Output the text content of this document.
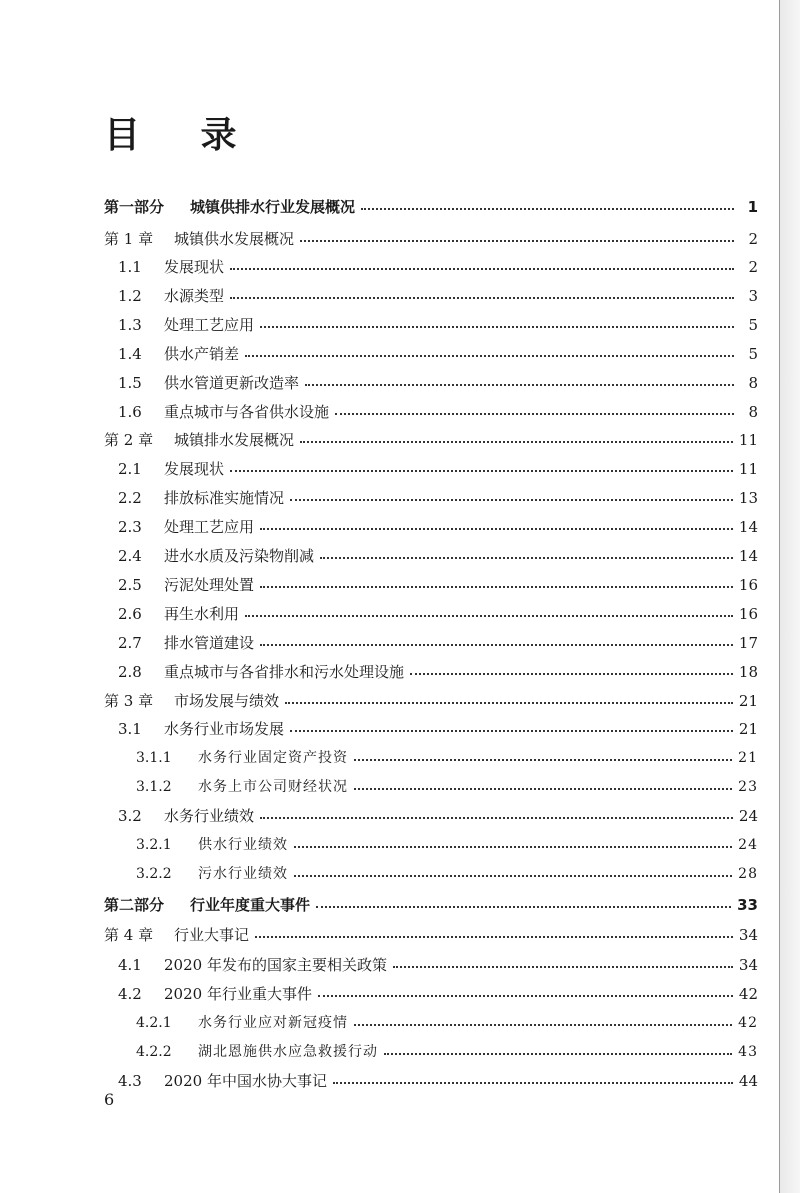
目 录
第一部分	城镇供排水行业发展概况	1
第 1 章	城镇供水发展概况	2
1.1	发展现状	2
1.2	水源类型	3
1.3	处理工艺应用	5
1.4	供水产销差	5
1.5	供水管道更新改造率	8
1.6	重点城市与各省供水设施	8
第 2 章	城镇排水发展概况	11
2.1	发展现状	11
2.2	排放标准实施情况	13
2.3	处理工艺应用	14
2.4	进水水质及污染物削减	14
2.5	污泥处理处置	16
2.6	再生水利用	16
2.7	排水管道建设	17
2.8	重点城市与各省排水和污水处理设施	18
第 3 章	市场发展与绩效	21
3.1	水务行业市场发展	21
3.1.1	水务行业固定资产投资	21
3.1.2	水务上市公司财经状况	23
3.2	水务行业绩效	24
3.2.1	供水行业绩效	24
3.2.2	污水行业绩效	28
第二部分	行业年度重大事件	33
第 4 章	行业大事记	34
4.1	2020 年发布的国家主要相关政策	34
4.2	2020 年行业重大事件	42
4.2.1	水务行业应对新冠疫情	42
4.2.2	湖北恩施供水应急救援行动	43
4.3	2020 年中国水协大事记	44
6
